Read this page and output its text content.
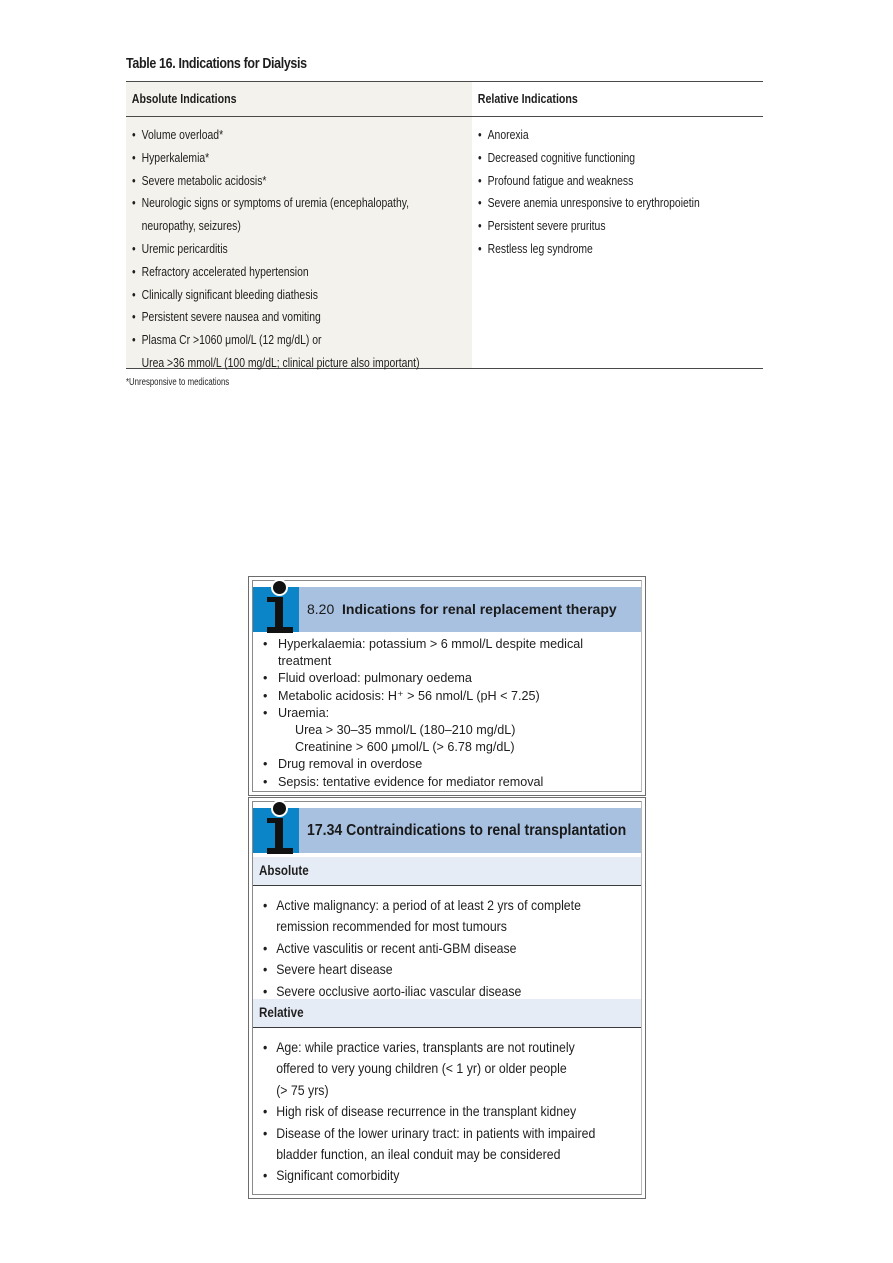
Table 16. Indications for Dialysis
Absolute Indications	Relative Indications
• Volume overload*
• Hyperkalemia*
• Severe metabolic acidosis*
• Neurologic signs or symptoms of uremia (encephalopathy,
neuropathy, seizures)
• Uremic pericarditis
• Refractory accelerated hypertension
• Clinically significant bleeding diathesis
• Persistent severe nausea and vomiting
• Plasma Cr >1060 μmol/L (12 mg/dL) or
Urea >36 mmol/L (100 mg/dL; clinical picture also important)
• Anorexia
• Decreased cognitive functioning
• Profound fatigue and weakness
• Severe anemia unresponsive to erythropoietin
• Persistent severe pruritus
• Restless leg syndrome
*Unresponsive to medications
8.20 Indications for renal replacement therapy
• Hyperkalaemia: potassium > 6 mmol/L despite medical
treatment
• Fluid overload: pulmonary oedema
• Metabolic acidosis: H⁺ > 56 nmol/L (pH < 7.25)
• Uraemia:
Urea > 30–35 mmol/L (180–210 mg/dL)
Creatinine > 600 μmol/L (> 6.78 mg/dL)
• Drug removal in overdose
• Sepsis: tentative evidence for mediator removal
17.34 Contraindications to renal transplantation
Absolute
• Active malignancy: a period of at least 2 yrs of complete
remission recommended for most tumours
• Active vasculitis or recent anti-GBM disease
• Severe heart disease
• Severe occlusive aorto-iliac vascular disease
Relative
• Age: while practice varies, transplants are not routinely
offered to very young children (< 1 yr) or older people
(> 75 yrs)
• High risk of disease recurrence in the transplant kidney
• Disease of the lower urinary tract: in patients with impaired
bladder function, an ileal conduit may be considered
• Significant comorbidity
